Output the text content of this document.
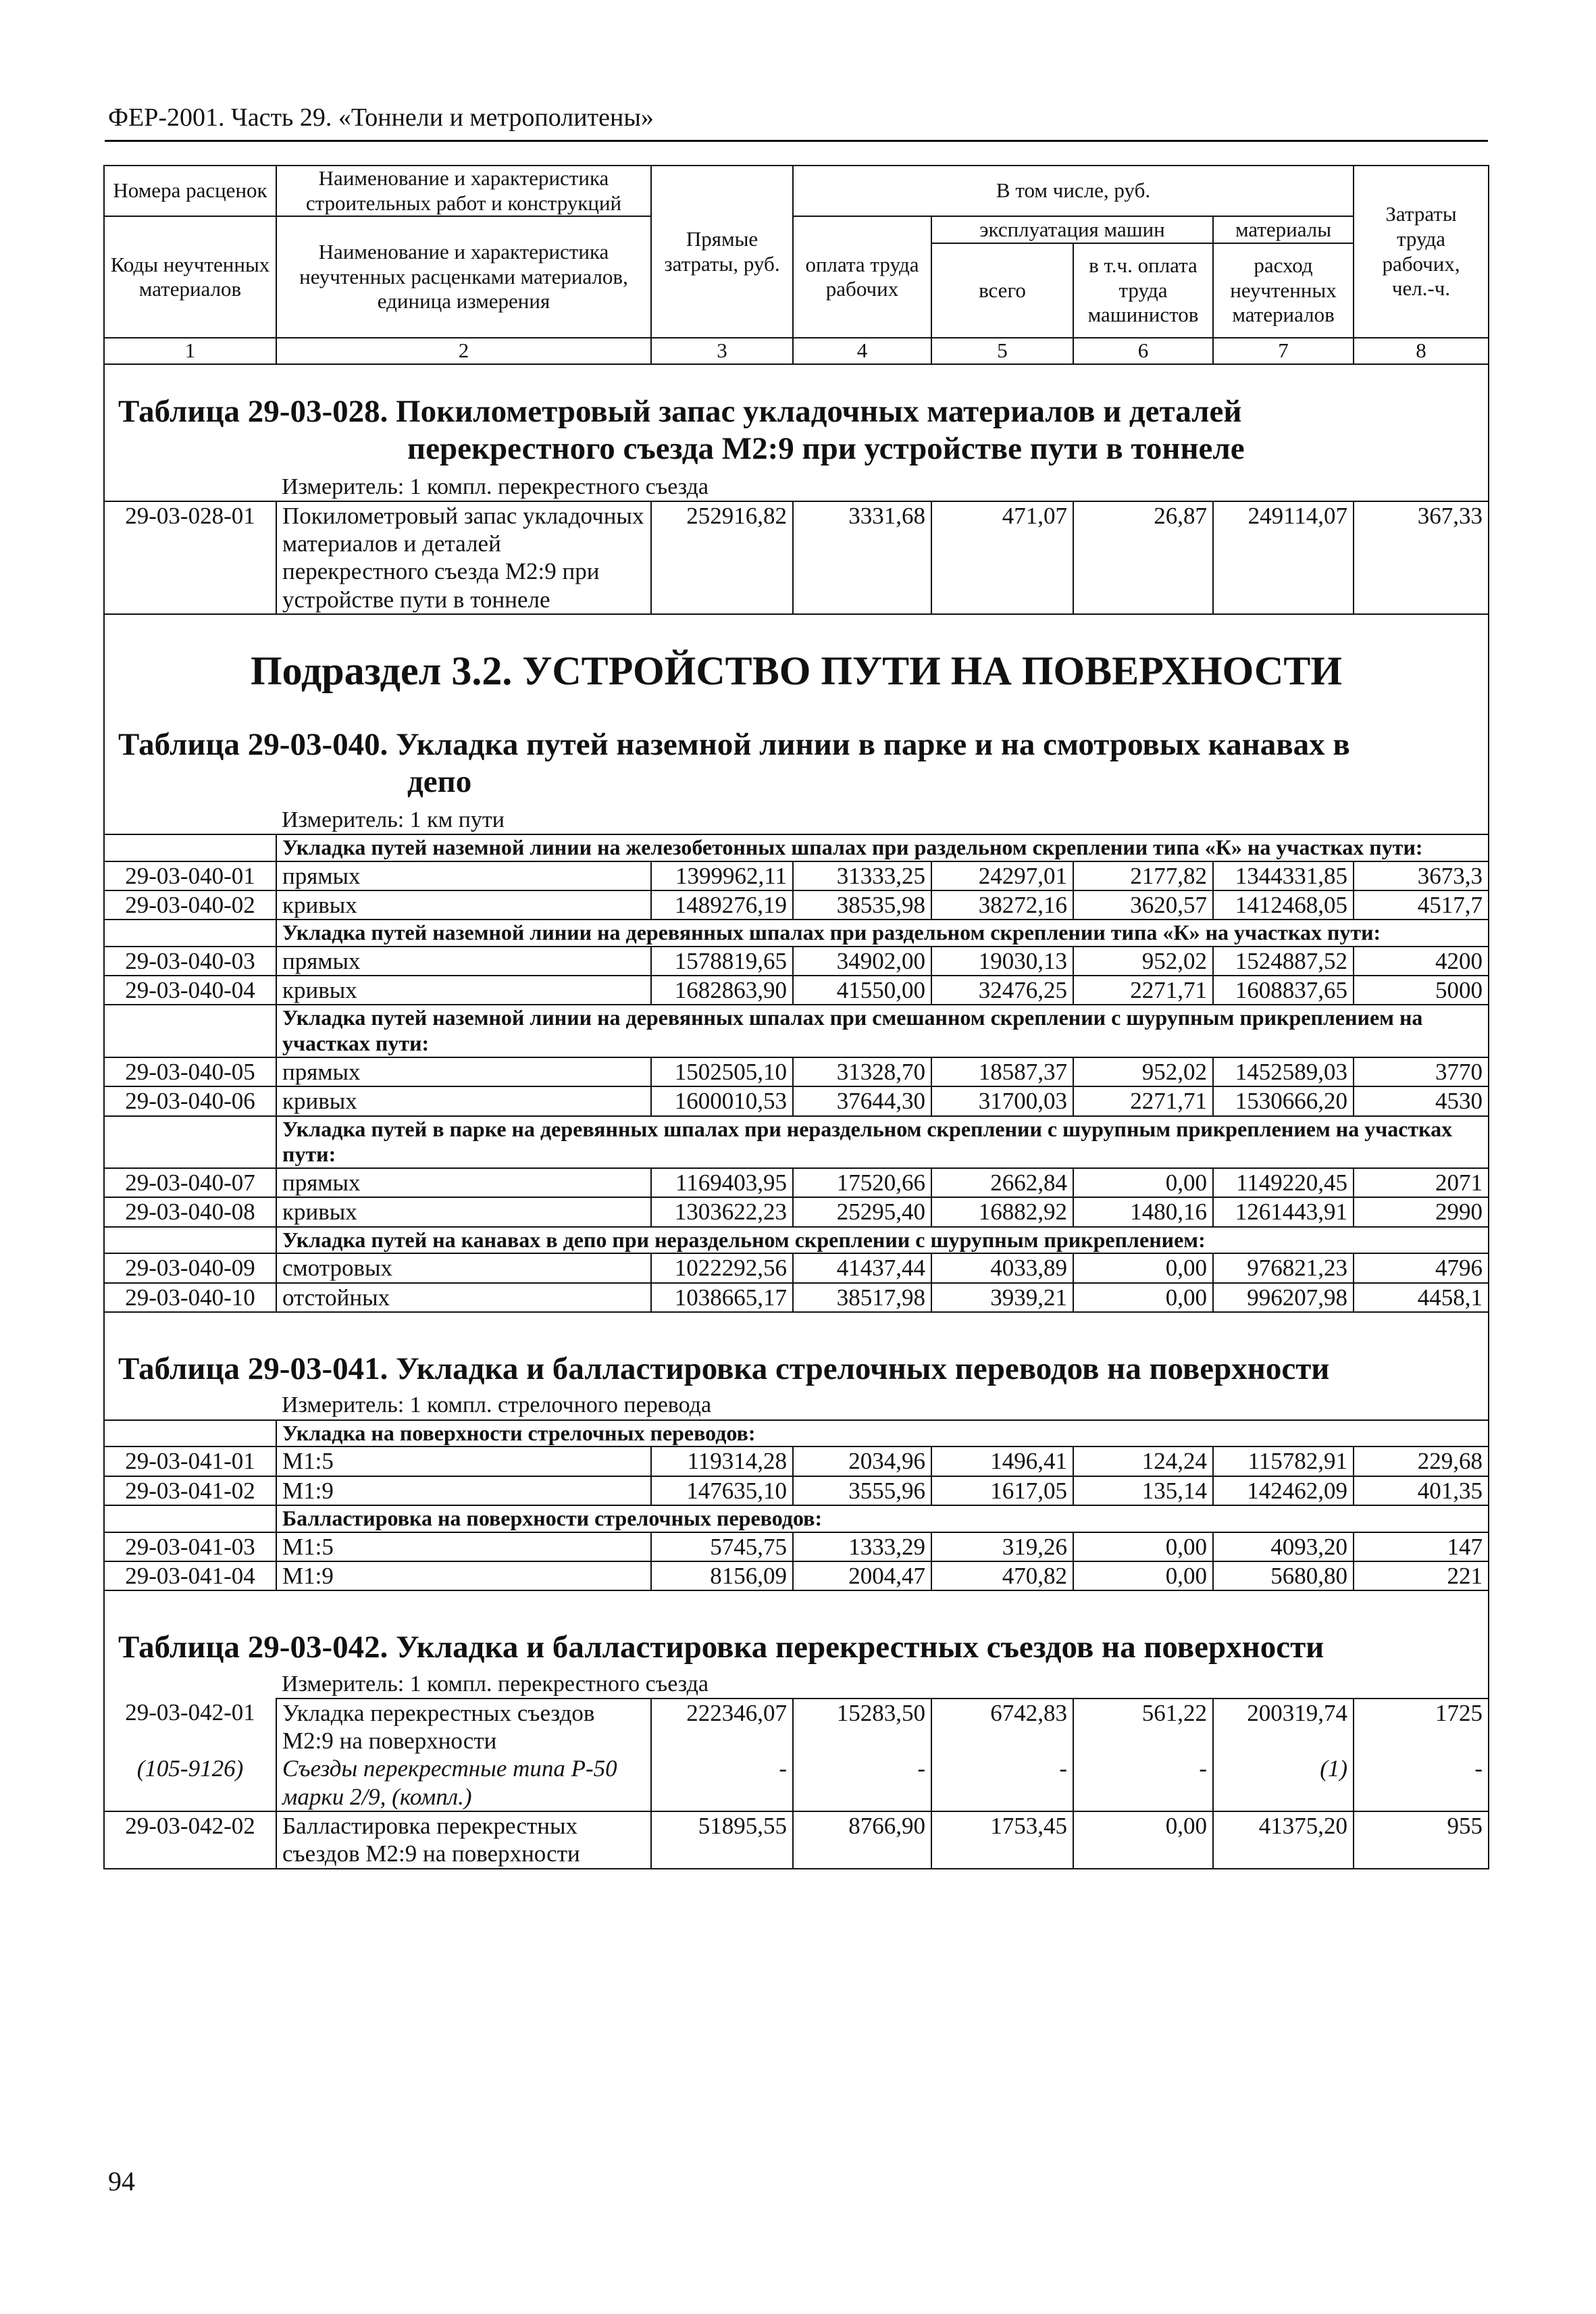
ФЕР-2001. Часть 29. «Тоннели и метрополитены»
Номера расценок	Наименование и характеристика строительных работ и конструкций	Прямые затраты, руб.	В том числе, руб.				Затраты труда рабочих, чел.-ч.
Коды неучтенных материалов	Наименование и характеристика неучтенных расценками материалов, единица измерения		оплата труда рабочих	эксплуатация машин		материалы	
				всего	в т.ч. оплата труда машинистов	расход неучтенных материалов	
1	2	3	4	5	6	7	8
Таблица 29-03-028. Покилометровый запас укладочных материалов и деталей							
перекрестного съезда М2:9 при устройстве пути в тоннеле							
	Измеритель: 1 компл. перекрестного съезда						
29-03-028-01	Покилометровый запас укладочных материалов и деталей перекрестного съезда М2:9 при устройстве пути в тоннеле	252916,82	3331,68	471,07	26,87	249114,07	367,33
Подраздел 3.2. УСТРОЙСТВО ПУТИ НА ПОВЕРХНОСТИ							
Таблица 29-03-040. Укладка путей наземной линии в парке и на смотровых канавах в							
депо							
	Измеритель: 1 км пути						
	Укладка путей наземной линии на железобетонных шпалах при раздельном скреплении типа «К» на участках пути:						
29-03-040-01	прямых	1399962,11	31333,25	24297,01	2177,82	1344331,85	3673,3
29-03-040-02	кривых	1489276,19	38535,98	38272,16	3620,57	1412468,05	4517,7
	Укладка путей наземной линии на деревянных шпалах при раздельном скреплении типа «К» на участках пути:						
29-03-040-03	прямых	1578819,65	34902,00	19030,13	952,02	1524887,52	4200
29-03-040-04	кривых	1682863,90	41550,00	32476,25	2271,71	1608837,65	5000
	Укладка путей наземной линии на деревянных шпалах при смешанном скреплении с шурупным прикреплением на участках пути:						
29-03-040-05	прямых	1502505,10	31328,70	18587,37	952,02	1452589,03	3770
29-03-040-06	кривых	1600010,53	37644,30	31700,03	2271,71	1530666,20	4530
	Укладка путей в парке на деревянных шпалах при нераздельном скреплении с шурупным прикреплением на участках пути:						
29-03-040-07	прямых	1169403,95	17520,66	2662,84	0,00	1149220,45	2071
29-03-040-08	кривых	1303622,23	25295,40	16882,92	1480,16	1261443,91	2990
	Укладка путей на канавах в депо при нераздельном скреплении с шурупным прикреплением:						
29-03-040-09	смотровых	1022292,56	41437,44	4033,89	0,00	976821,23	4796
29-03-040-10	отстойных	1038665,17	38517,98	3939,21	0,00	996207,98	4458,1
Таблица 29-03-041. Укладка и балластировка стрелочных переводов на поверхности							
	Измеритель: 1 компл. стрелочного перевода						
	Укладка на поверхности стрелочных переводов:						
29-03-041-01	М1:5	119314,28	2034,96	1496,41	124,24	115782,91	229,68
29-03-041-02	М1:9	147635,10	3555,96	1617,05	135,14	142462,09	401,35
	Балластировка на поверхности стрелочных переводов:						
29-03-041-03	М1:5	5745,75	1333,29	319,26	0,00	4093,20	147
29-03-041-04	М1:9	8156,09	2004,47	470,82	0,00	5680,80	221
Таблица 29-03-042. Укладка и балластировка перекрестных съездов на поверхности							
	Измеритель: 1 компл. перекрестного съезда						
29-03-042-01	Укладка перекрестных съездов М2:9 на поверхности	222346,07	15283,50	6742,83	561,22	200319,74	1725
(105-9126)	Съезды перекрестные типа Р-50 марки 2/9, (компл.)	-	-	-	-	(1)	-
29-03-042-02	Балластировка перекрестных съездов М2:9 на поверхности	51895,55	8766,90	1753,45	0,00	41375,20	955
94
